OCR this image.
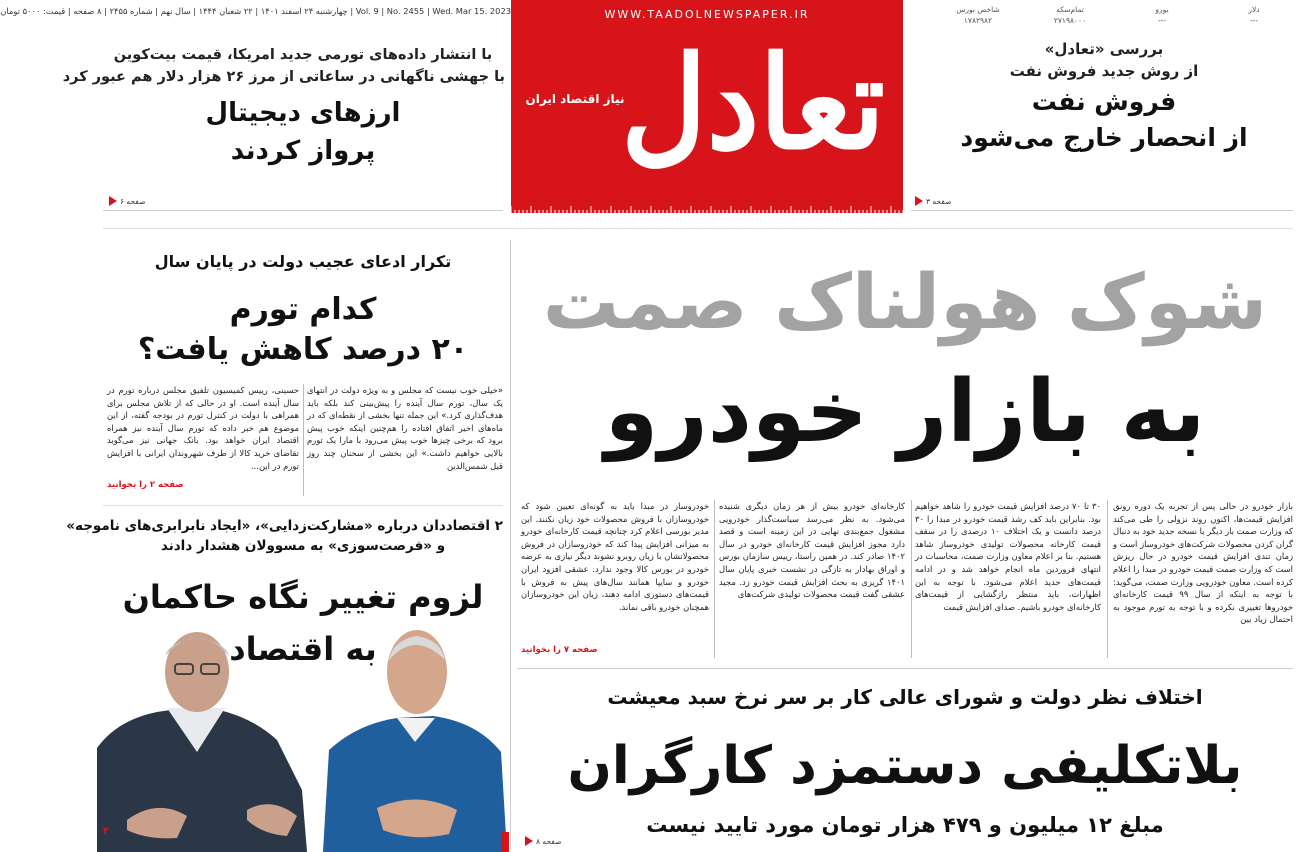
Vol. 9 | No. 2455 | Wed. Mar 15. 2023 | چهارشنبه ۲۴ اسفند ۱۴۰۱ | ۲۲ شعبان ۱۴۴۴ | سال نهم | شماره ۲۴۵۵ | ۸ صفحه | قیمت: ۵۰۰۰ تومان	دلار
---
یورو
---
تمام‌سکه
۲۷۱۹۸۰۰۰
شاخص بورس
۱۷۸۲۹۸۲
WWW.TAADOLNEWSPAPER.IR
تعادل
نیاز اقتصاد ایران
بررسی «تعادل»
از روش جدید فروش نفت
فروش نفت
از انحصار خارج می‌شود
صفحه ۳
با انتشار داده‌های تورمی جدید امریکا، قیمت بیت‌کوین
با جهشی ناگهانی در ساعاتی از مرز ۲۶ هزار دلار هم عبور کرد
ارزهای دیجیتال
پرواز کردند
صفحه ۶
شوک هولناک صمت
به بازار خودرو
بازار خودرو در حالی پس از تجربه یک دوره رونق افزایش قیمت‌ها، اکنون روند نزولی را طی می‌کند که وزارت صمت بار دیگر با نسخه جدید خود به دنبال گران کردن محصولات شرکت‌های خودروساز است و زمان تندی افزایش قیمت خودرو در حال ریزش است که وزارت صمت قیمت خودرو در مبدا را اعلام کرده است. معاون خودرویی وزارت صمت، می‌گوید: با توجه به اینکه از سال ۹۹ قیمت کارخانه‌ای خودروها تغییری نکرده و با توجه به تورم موجود به احتمال زیاد بین
۳۰ تا ۷۰ درصد افزایش قیمت خودرو را شاهد خواهیم بود. بنابراین باید کف رشد قیمت خودرو در مبدا را ۳۰ درصد دانست و یک اختلاف ۱۰ درصدی را در سقف قیمت کارخانه محصولات تولیدی خودروساز شاهد هستیم. بنا بر اعلام معاون وزارت صمت، محاسبات در انتهای فروردین ماه انجام خواهد شد و در ادامه قیمت‌های جدید اعلام می‌شود. با توجه به این اظهارات، باید منتظر رازگشایی از قیمت‌های کارخانه‌ای خودرو باشیم. صدای افزایش قیمت
کارخانه‌ای خودرو بیش از هر زمان دیگری شنیده می‌شود. به نظر می‌رسد سیاست‌گذار خودرویی مشغول جمع‌بندی نهایی در این زمینه است و قصد دارد مجوز افزایش قیمت کارخانه‌ای خودرو در سال ۱۴۰۲ صادر کند. در همین راستا، رییس سازمان بورس و اوراق بهادار به تازگی در نشست خبری پایان سال ۱۴۰۱ گریزی به بحث افزایش قیمت خودرو زد. مجید عشقی گفت قیمت محصولات تولیدی شرکت‌های
خودروساز در مبدا باید به گونه‌ای تعیین شود که خودروسازان با فروش محصولات خود زیان نکنند. این مدیر بورسی اعلام کرد چنانچه قیمت کارخانه‌ای خودرو به میزانی افزایش پیدا کند که خودروسازان در فروش محصولاتشان با زیان روبرو نشوند دیگر نیازی به عرضه خودرو در بورس کالا وجود ندارد. عشقی افزود ایران خودرو و سایپا همانند سال‌های پیش به فروش با قیمت‌های دستوری ادامه دهند، زیان این خودروسازان همچنان خودرو باقی نماند.
صفحه ۷ را بخوانید
تکرار ادعای عجیب دولت در پایان سال
کدام تورم
۲۰ درصد کاهش یافت؟
«خیلی خوب نیست که مجلس و به ویژه دولت در انتهای یک سال، تورم سال آینده را پیش‌بینی کند بلکه باید هدف‌گذاری کرد.» این جمله تنها بخشی از نقطه‌ای که در ماه‌های اخیر اتفاق افتاده را هم‌چنین اینکه خوب پیش برود که برخی چیزها خوب پیش می‌رود با مارا یک تورم بالایی خواهیم داشت.» این بخشی از سخنان چند روز قبل شمس‌الدین
حسینی، رییس کمیسیون تلفیق مجلس درباره تورم در سال آینده است. او در حالی که از تلاش مجلس برای همراهی با دولت در کنترل تورم در بودجه گفته، از این موضوع هم خبر داده که تورم سال آینده نیز همراه اقتصاد ایران خواهد بود. بانک جهانی نیز می‌گوید تقاضای خرید کالا از طرف شهروندان ایرانی با افزایش تورم در این...
صفحه ۲ را بخوانید
۲ اقتصاددان درباره «مشارکت‌زدایی»، «ایجاد نابرابری‌های ناموجه»
و «فرصت‌سوزی» به مسوولان هشدار دادند
لزوم تغییر نگاه حاکمان
به اقتصاد
۴
اختلاف نظر دولت و شورای عالی کار بر سر نرخ سبد معیشت
بلاتکلیفی دستمزد کارگران
مبلغ ۱۲ میلیون و ۴۷۹ هزار تومان مورد تایید نیست
صفحه ۸
